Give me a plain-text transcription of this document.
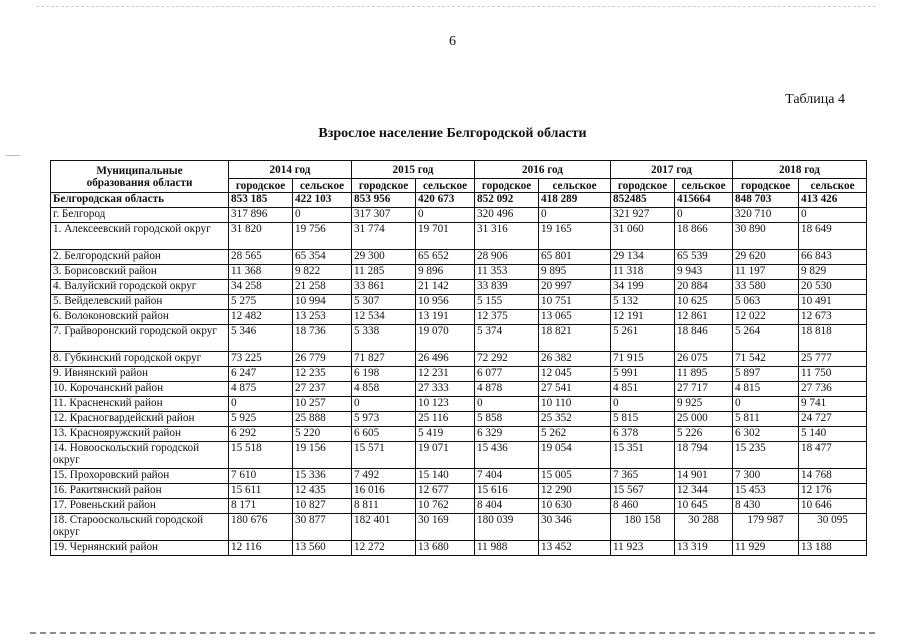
6
Таблица 4
Взрослое население Белгородской области
Муниципальные
образования области	2014 год		2015 год		2016 год		2017 год		2018 год	
	городское	сельское	городское	сельское	городское	сельское	городское	сельское	городское	сельское
Белгородская область	853 185	422 103	853 956	420 673	852 092	418 289	852485	415664	848 703	413 426
г. Белгород	317 896	0	317 307	0	320 496	0	321 927	0	320 710	0
1. Алексеевский городской округ	31 820	19 756	31 774	19 701	31 316	19 165	31 060	18 866	30 890	18 649
2. Белгородский район	28 565	65 354	29 300	65 652	28 906	65 801	29 134	65 539	29 620	66 843
3. Борисовский район	11 368	9 822	11 285	9 896	11 353	9 895	11 318	9 943	11 197	9 829
4. Валуйский городской округ	34 258	21 258	33 861	21 142	33 839	20 997	34 199	20 884	33 580	20 530
5. Вейделевский район	5 275	10 994	5 307	10 956	5 155	10 751	5 132	10 625	5 063	10 491
6. Волоконовский район	12 482	13 253	12 534	13 191	12 375	13 065	12 191	12 861	12 022	12 673
7. Грайворонский городской округ	5 346	18 736	5 338	19 070	5 374	18 821	5 261	18 846	5 264	18 818
8. Губкинский городской округ	73 225	26 779	71 827	26 496	72 292	26 382	71 915	26 075	71 542	25 777
9. Ивнянский район	6 247	12 235	6 198	12 231	6 077	12 045	5 991	11 895	5 897	11 750
10. Корочанский район	4 875	27 237	4 858	27 333	4 878	27 541	4 851	27 717	4 815	27 736
11. Красненский район	0	10 257	0	10 123	0	10 110	0	9 925	0	9 741
12. Красногвардейский район	5 925	25 888	5 973	25 116	5 858	25 352	5 815	25 000	5 811	24 727
13. Краснояружский район	6 292	5 220	6 605	5 419	6 329	5 262	6 378	5 226	6 302	5 140
14. Новооскольский городской округ	15 518	19 156	15 571	19 071	15 436	19 054	15 351	18 794	15 235	18 477
15. Прохоровский район	7 610	15 336	7 492	15 140	7 404	15 005	7 365	14 901	7 300	14 768
16. Ракитянский район	15 611	12 435	16 016	12 677	15 616	12 290	15 567	12 344	15 453	12 176
17. Ровеньский район	8 171	10 827	8 811	10 762	8 404	10 630	8 460	10 645	8 430	10 646
18. Старооскольский городской округ	180 676	30 877	182 401	30 169	180 039	30 346	180 158	30 288	179 987	30 095
19. Чернянский район	12 116	13 560	12 272	13 680	11 988	13 452	11 923	13 319	11 929	13 188
